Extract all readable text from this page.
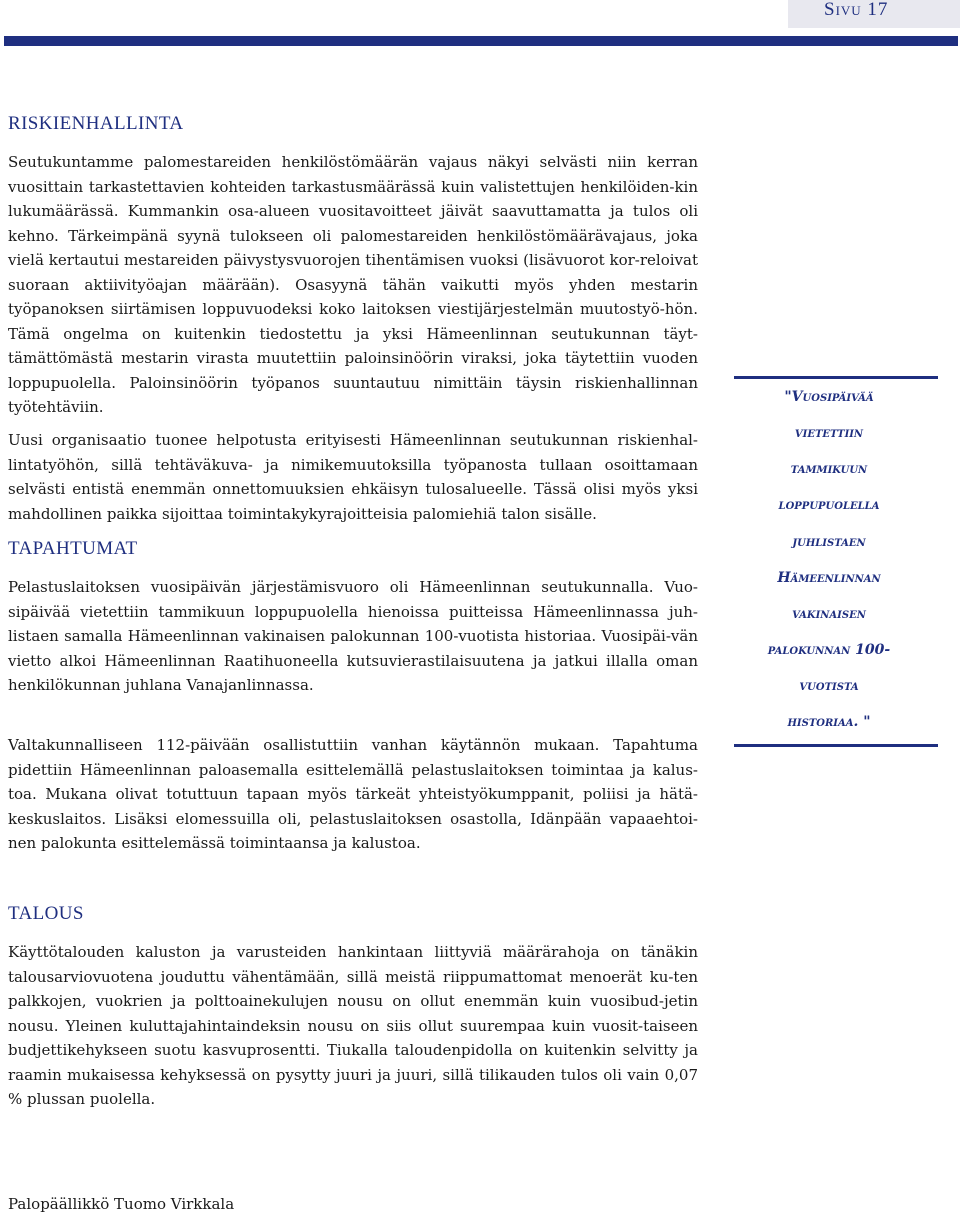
Sivu 17
RISKIENHALLINTA

Seutukuntamme palomestareiden henkilöstömäärän vajaus näkyi selvästi niin kerran vuosittain tarkastettavien kohteiden tarkastusmäärässä kuin valistettujen henkilöiden-kin lukumäärässä. Kummankin osa-alueen vuositavoitteet jäivät saavuttamatta ja tulos oli kehno. Tärkeimpänä syynä tulokseen oli palomestareiden henkilöstömäärävajaus, joka vielä kertautui mestareiden päivystysvuorojen tihentämisen vuoksi (lisävuorot kor-reloivat suoraan aktiivityöajan määrään). Osasyynä tähän vaikutti myös yhden mestarin työpanoksen siirtämisen loppuvuodeksi koko laitoksen viestijärjestelmän muutostyö-hön. Tämä ongelma on kuitenkin tiedostettu ja yksi Hämeenlinnan seutukunnan täyt-tämättömästä mestarin virasta muutettiin paloinsinöörin viraksi, joka täytettiin vuoden loppupuolella. Paloinsinöörin työpanos suuntautuu nimittäin täysin riskienhallinnan työtehtäviin.

Uusi organisaatio tuonee helpotusta erityisesti Hämeenlinnan seutukunnan riskienhal-lintatyöhön, sillä tehtäväkuva- ja nimikemuutoksilla työpanosta tullaan osoittamaan selvästi entistä enemmän onnettomuuksien ehkäisyn tulosalueelle. Tässä olisi myös yksi mahdollinen paikka sijoittaa toimintakykyrajoitteisia palomiehiä talon sisälle.

TAPAHTUMAT

Pelastuslaitoksen vuosipäivän järjestämisvuoro oli Hämeenlinnan seutukunnalla. Vuo-sipäivää vietettiin tammikuun loppupuolella hienoissa puitteissa Hämeenlinnassa juh-listaen samalla Hämeenlinnan vakinaisen palokunnan 100-vuotista historiaa. Vuosipäi-vän vietto alkoi Hämeenlinnan Raatihuoneella kutsuvierastilaisuutena ja jatkui illalla oman henkilökunnan juhlana Vanajanlinnassa.

Valtakunnalliseen 112-päivään osallistuttiin vanhan käytännön mukaan. Tapahtuma pidettiin Hämeenlinnan paloasemalla esittelemällä pelastuslaitoksen toimintaa ja kalus-toa. Mukana olivat totuttuun tapaan myös tärkeät yhteistyökumppanit, poliisi ja hätä-keskuslaitos. Lisäksi elomessuilla oli, pelastuslaitoksen osastolla, Idänpään vapaaehtoi-nen palokunta esittelemässä toimintaansa ja kalustoa.

TALOUS

Käyttötalouden kaluston ja varusteiden hankintaan liittyviä määrärahoja on tänäkin talousarviovuotena jouduttu vähentämään, sillä meistä riippumattomat menoerät ku-ten palkkojen, vuokrien ja polttoainekulujen nousu on ollut enemmän kuin vuosibud-jetin nousu. Yleinen kuluttajahintaindeksin nousu on siis ollut suurempaa kuin vuosit-taiseen budjettikehykseen suotu kasvuprosentti. Tiukalla taloudenpidolla on kuitenkin selvitty ja raamin mukaisessa kehyksessä on pysytty juuri ja juuri, sillä tilikauden tulos oli vain 0,07 % plussan puolella.

"Vuosipäivää
vietettiin
tammikuun
loppupuolella
juhlistaen
Hämeenlinnan
vakinaisen
palokunnan 100-
vuotista
historiaa. "
Palopäällikkö Tuomo Virkkala
